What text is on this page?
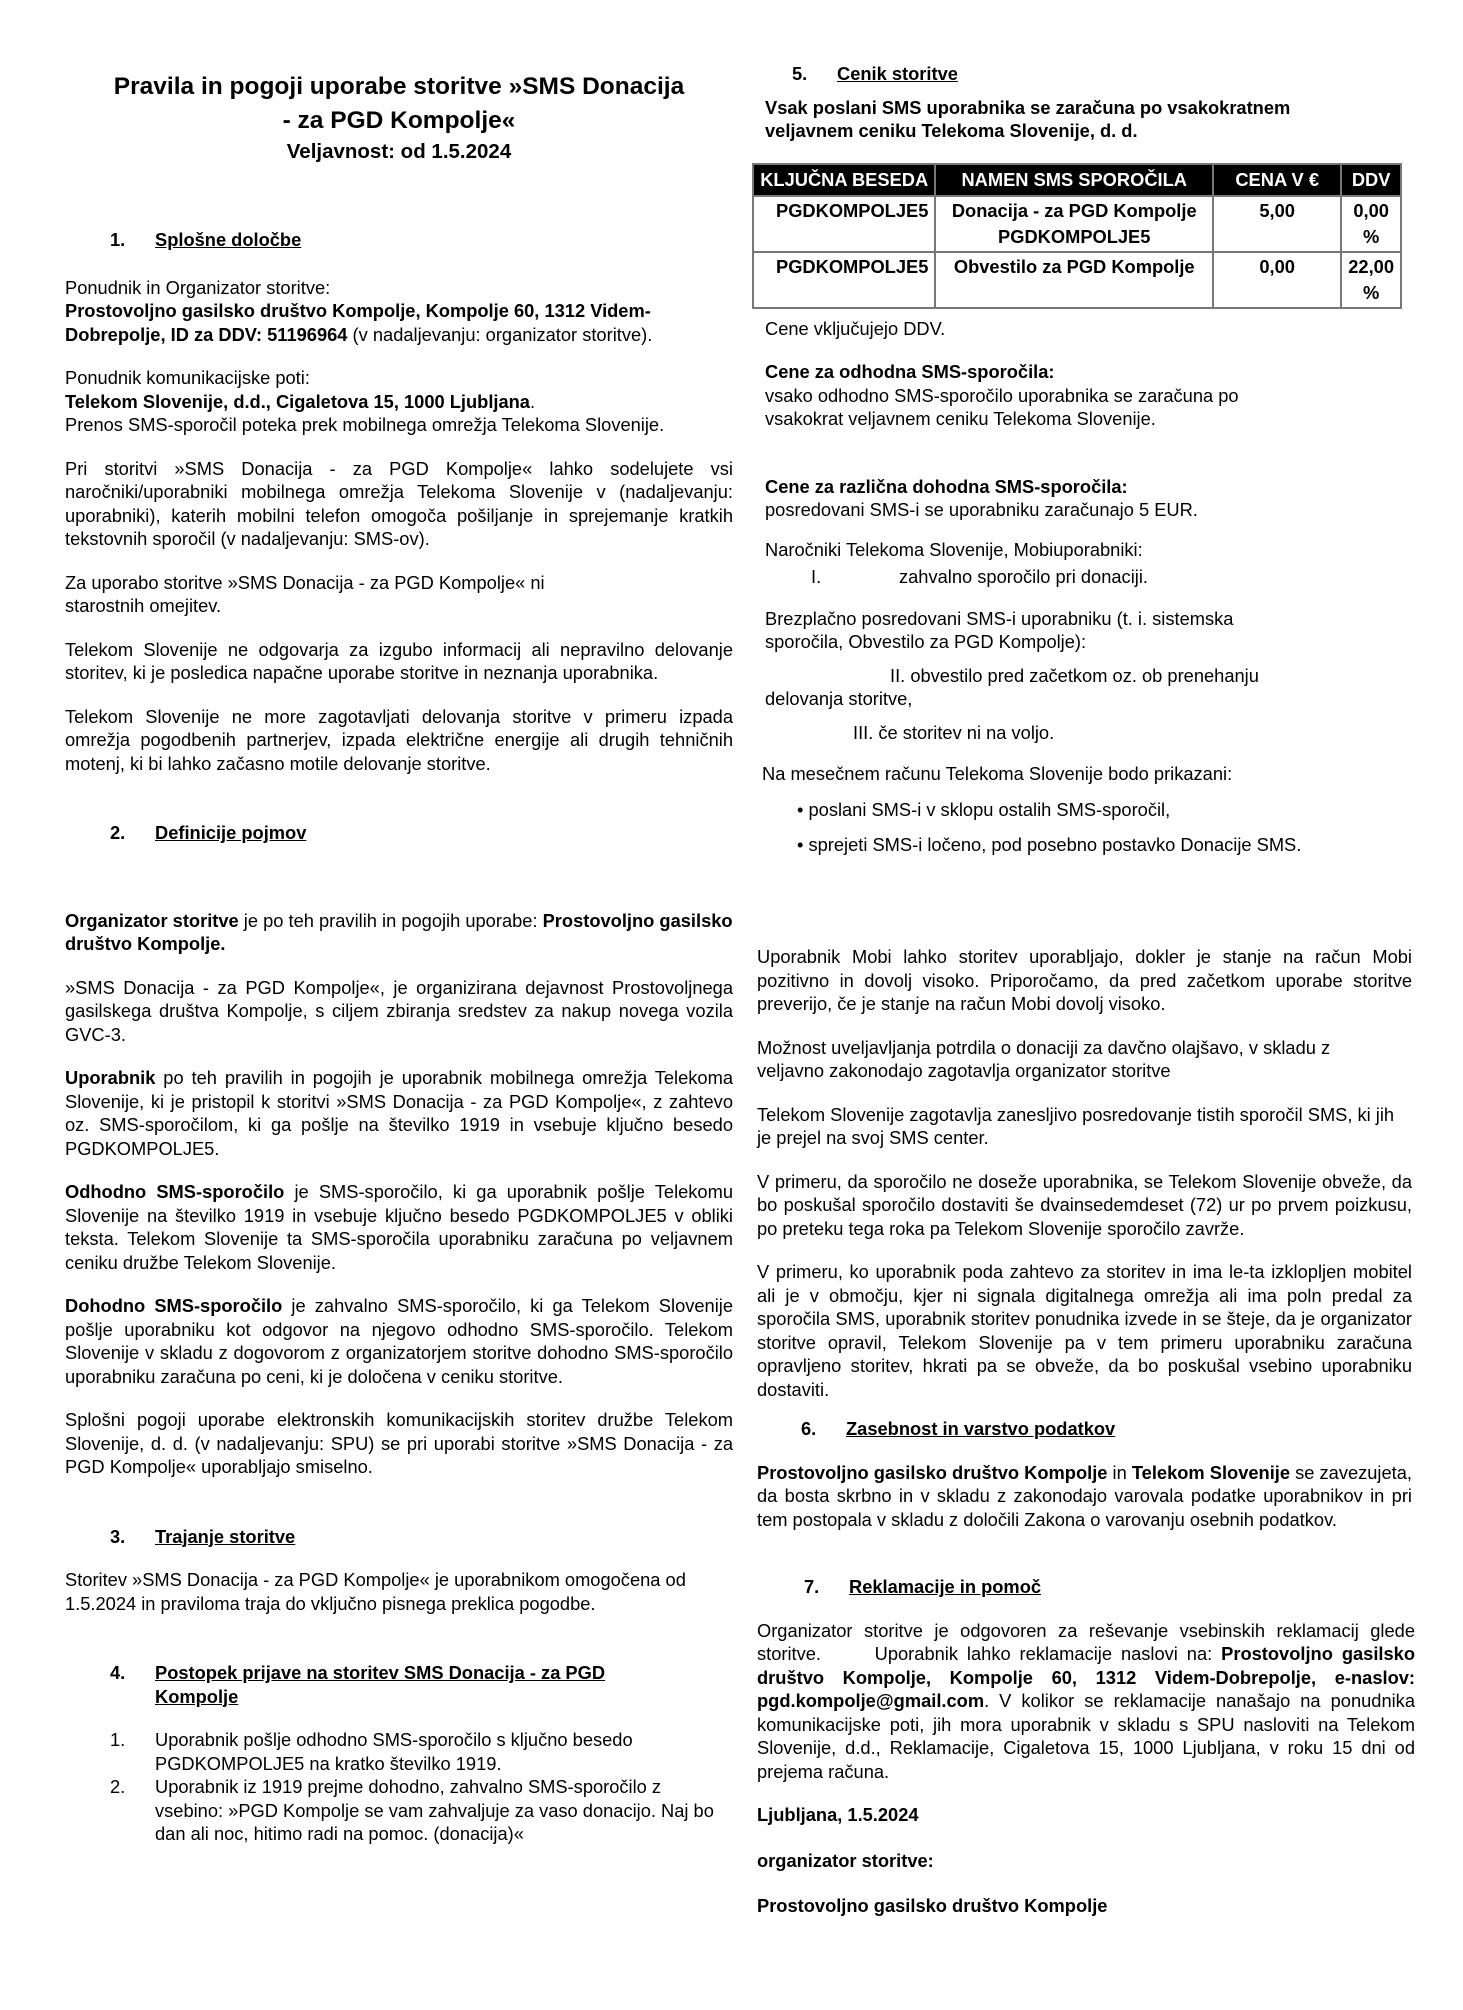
Pravila in pogoji uporabe storitve »SMS Donacija
- za PGD Kompolje«
Veljavnost: od 1.5.2024
1. Splošne določbe

Ponudnik in Organizator storitve:
Prostovoljno gasilsko društvo Kompolje, Kompolje 60, 1312 Videm-Dobrepolje, ID za DDV: 51196964 (v nadaljevanju: organizator storitve).

Ponudnik komunikacijske poti:
Telekom Slovenije, d.d., Cigaletova 15, 1000 Ljubljana.
Prenos SMS-sporočil poteka prek mobilnega omrežja Telekoma Slovenije.

Pri storitvi »SMS Donacija - za PGD Kompolje« lahko sodelujete vsi naročniki/uporabniki mobilnega omrežja Telekoma Slovenije v (nadaljevanju: uporabniki), katerih mobilni telefon omogoča pošiljanje in sprejemanje kratkih tekstovnih sporočil (v nadaljevanju: SMS-ov).

Za uporabo storitve »SMS Donacija - za PGD Kompolje« ni starostnih omejitev.

Telekom Slovenije ne odgovarja za izgubo informacij ali nepravilno delovanje storitev, ki je posledica napačne uporabe storitve in neznanja uporabnika.

Telekom Slovenije ne more zagotavljati delovanja storitve v primeru izpada omrežja pogodbenih partnerjev, izpada električne energije ali drugih tehničnih motenj, ki bi lahko začasno motile delovanje storitve.

2. Definicije pojmov

Organizator storitve je po teh pravilih in pogojih uporabe: Prostovoljno gasilsko društvo Kompolje.

»SMS Donacija - za PGD Kompolje«, je organizirana dejavnost Prostovoljnega gasilskega društva Kompolje, s ciljem zbiranja sredstev za nakup novega vozila GVC-3.

Uporabnik po teh pravilih in pogojih je uporabnik mobilnega omrežja Telekoma Slovenije, ki je pristopil k storitvi »SMS Donacija - za PGD Kompolje«, z zahtevo oz. SMS-sporočilom, ki ga pošlje na številko 1919 in vsebuje ključno besedo PGDKOMPOLJE5.

Odhodno SMS-sporočilo je SMS-sporočilo, ki ga uporabnik pošlje Telekomu Slovenije na številko 1919 in vsebuje ključno besedo PGDKOMPOLJE5 v obliki teksta. Telekom Slovenije ta SMS-sporočila uporabniku zaračuna po veljavnem ceniku družbe Telekom Slovenije.

Dohodno SMS-sporočilo je zahvalno SMS-sporočilo, ki ga Telekom Slovenije pošlje uporabniku kot odgovor na njegovo odhodno SMS-sporočilo. Telekom Slovenije v skladu z dogovorom z organizatorjem storitve dohodno SMS-sporočilo uporabniku zaračuna po ceni, ki je določena v ceniku storitve.

Splošni pogoji uporabe elektronskih komunikacijskih storitev družbe Telekom Slovenije, d. d. (v nadaljevanju: SPU) se pri uporabi storitve »SMS Donacija - za PGD Kompolje« uporabljajo smiselno.

3. Trajanje storitve

Storitev »SMS Donacija - za PGD Kompolje« je uporabnikom omogočena od 1.5.2024 in praviloma traja do vključno pisnega preklica pogodbe.

4. Postopek prijave na storitev SMS Donacija - za PGD Kompolje
1. Uporabnik pošlje odhodno SMS-sporočilo s ključno besedo PGDKOMPOLJE5 na kratko številko 1919.
2. Uporabnik iz 1919 prejme dohodno, zahvalno SMS-sporočilo z vsebino: »PGD Kompolje se vam zahvaljuje za vaso donacijo. Naj bo dan ali noc, hitimo radi na pomoc. (donacija)«
5. Cenik storitve

Vsak poslani SMS uporabnika se zaračuna po vsakokratnem veljavnem ceniku Telekoma Slovenije, d. d.

KLJUČNA BESEDA	NAMEN SMS SPOROČILA	CENA V €	DDV
PGDKOMPOLJE5	Donacija - za PGD Kompolje PGDKOMPOLJE5	5,00	0,00 %
PGDKOMPOLJE5	Obvestilo za PGD Kompolje	0,00	22,00 %

Cene vključujejo DDV.

Cene za odhodna SMS-sporočila:

vsako odhodno SMS-sporočilo uporabnika se zaračuna po vsakokrat veljavnem ceniku Telekoma Slovenije.

Cene za različna dohodna SMS-sporočila:

posredovani SMS-i se uporabniku zaračunajo 5 EUR.

Naročniki Telekoma Slovenije, Mobiuporabniki:

I.	zahvalno sporočilo pri donaciji.

Brezplačno posredovani SMS-i uporabniku (t. i. sistemska sporočila, Obvestilo za PGD Kompolje):

II. obvestilo pred začetkom oz. ob prenehanju
delovanja storitve,

III. če storitev ni na voljo.

Na mesečnem računu Telekoma Slovenije bodo prikazani:

• poslani SMS-i v sklopu ostalih SMS-sporočil,

• sprejeti SMS-i ločeno, pod posebno postavko Donacije SMS.

Uporabnik Mobi lahko storitev uporabljajo, dokler je stanje na račun Mobi pozitivno in dovolj visoko. Priporočamo, da pred začetkom uporabe storitve preverijo, če je stanje na račun Mobi dovolj visoko.

Možnost uveljavljanja potrdila o donaciji za davčno olajšavo, v skladu z veljavno zakonodajo zagotavlja organizator storitve

Telekom Slovenije zagotavlja zanesljivo posredovanje tistih sporočil SMS, ki jih je prejel na svoj SMS center.

V primeru, da sporočilo ne doseže uporabnika, se Telekom Slovenije obveže, da bo poskušal sporočilo dostaviti še dvainsedemdeset (72) ur po prvem poizkusu, po preteku tega roka pa Telekom Slovenije sporočilo zavrže.

V primeru, ko uporabnik poda zahtevo za storitev in ima le-ta izklopljen mobitel ali je v območju, kjer ni signala digitalnega omrežja ali ima poln predal za sporočila SMS, uporabnik storitev ponudnika izvede in se šteje, da je organizator storitve opravil, Telekom Slovenije pa v tem primeru uporabniku zaračuna opravljeno storitev, hkrati pa se obveže, da bo poskušal vsebino uporabniku dostaviti.

6. Zasebnost in varstvo podatkov

Prostovoljno gasilsko društvo Kompolje in Telekom Slovenije se zavezujeta, da bosta skrbno in v skladu z zakonodajo varovala podatke uporabnikov in pri tem postopala v skladu z določili Zakona o varovanju osebnih podatkov.

7. Reklamacije in pomoč

Organizator storitve je odgovoren za reševanje vsebinskih reklamacij glede storitve.      Uporabnik lahko reklamacije naslovi na: Prostovoljno gasilsko društvo Kompolje, Kompolje 60, 1312 Videm-Dobrepolje, e-naslov: pgd.kompolje@gmail.com. V kolikor se reklamacije nanašajo na ponudnika komunikacijske poti, jih mora uporabnik v skladu s SPU nasloviti na Telekom Slovenije, d.d., Reklamacije, Cigaletova 15, 1000 Ljubljana, v roku 15 dni od prejema računa.

Ljubljana, 1.5.2024

organizator storitve:

Prostovoljno gasilsko društvo Kompolje
